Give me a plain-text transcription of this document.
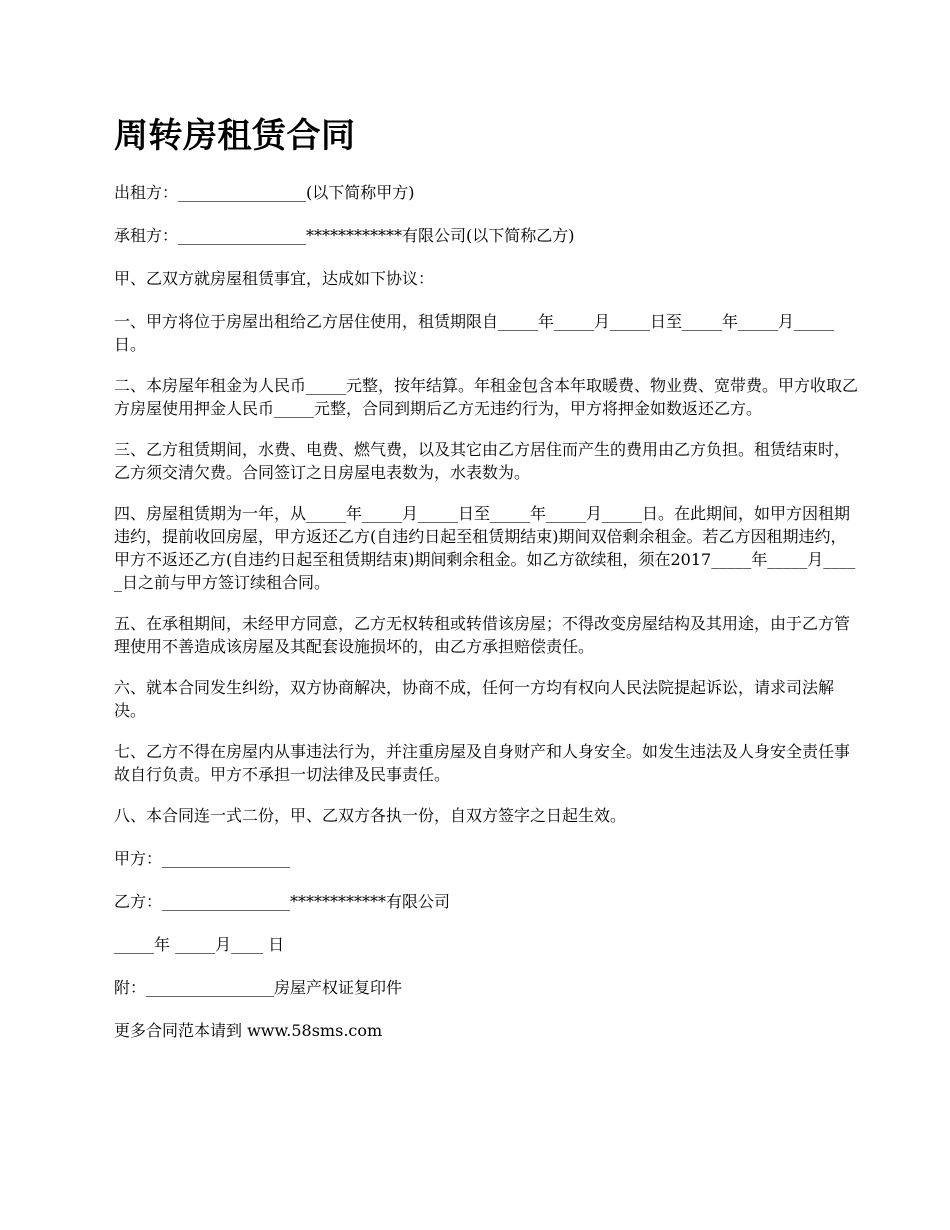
周转房租赁合同

出租方：________________(以下简称甲方)

承租方：________________************有限公司(以下简称乙方)

甲、乙双方就房屋租赁事宜，达成如下协议：

一、甲方将位于房屋出租给乙方居住使用，租赁期限自_____年_____月_____日至_____年_____月_____日。

二、本房屋年租金为人民币_____元整，按年结算。年租金包含本年取暖费、物业费、宽带费。甲方收取乙方房屋使用押金人民币_____元整，合同到期后乙方无违约行为，甲方将押金如数返还乙方。

三、乙方租赁期间，水费、电费、燃气费，以及其它由乙方居住而产生的费用由乙方负担。租赁结束时，乙方须交清欠费。合同签订之日房屋电表数为，水表数为。

四、房屋租赁期为一年，从_____年_____月_____日至_____年_____月_____日。在此期间，如甲方因租期违约，提前收回房屋，甲方返还乙方(自违约日起至租赁期结束)期间双倍剩余租金。若乙方因租期违约，甲方不返还乙方(自违约日起至租赁期结束)期间剩余租金。如乙方欲续租，须在2017_____年_____月_____日之前与甲方签订续租合同。

五、在承租期间，未经甲方同意，乙方无权转租或转借该房屋；不得改变房屋结构及其用途，由于乙方管理使用不善造成该房屋及其配套设施损坏的，由乙方承担赔偿责任。

六、就本合同发生纠纷，双方协商解决，协商不成，任何一方均有权向人民法院提起诉讼，请求司法解决。

七、乙方不得在房屋内从事违法行为，并注重房屋及自身财产和人身安全。如发生违法及人身安全责任事故自行负责。甲方不承担一切法律及民事责任。

八、本合同连一式二份，甲、乙双方各执一份，自双方签字之日起生效。

甲方：________________

乙方：________________************有限公司

_____年 _____月____ 日

附：________________房屋产权证复印件

更多合同范本请到 www.58sms.com
